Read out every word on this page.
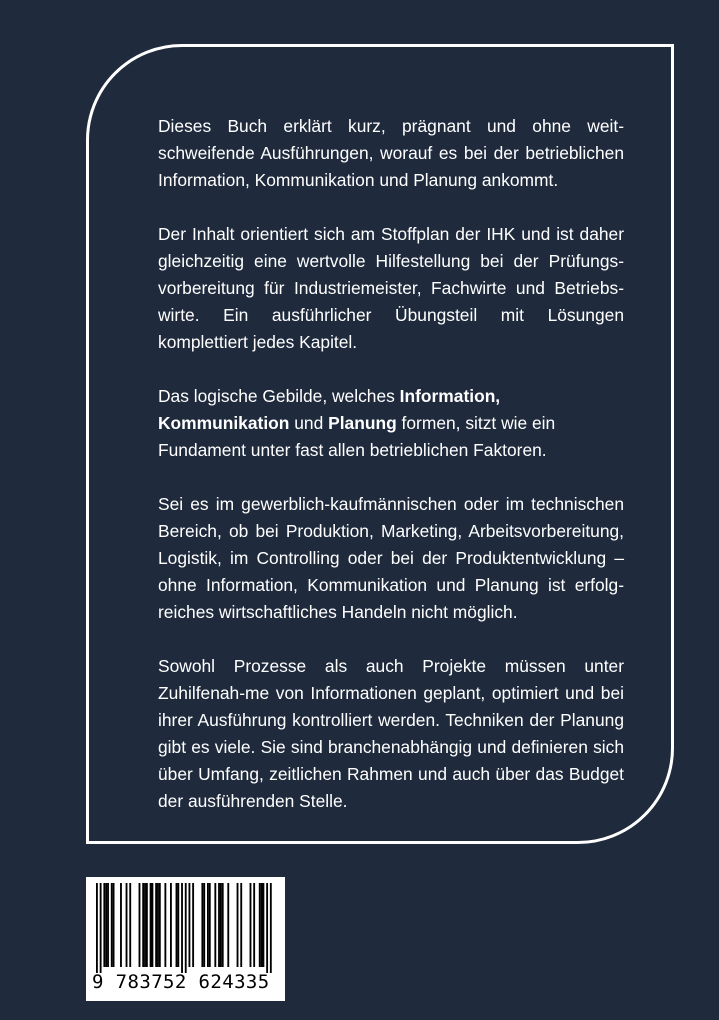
Dieses Buch erklärt kurz, prägnant und ohne weit-schweifende Ausführungen, worauf es bei der betrieblichen Information, Kommunikation und Planung ankommt.

Der Inhalt orientiert sich am Stoffplan der IHK und ist daher gleichzeitig eine wertvolle Hilfestellung bei der Prüfungs-vorbereitung für Industriemeister, Fachwirte und Betriebs-wirte. Ein ausführlicher Übungsteil mit Lösungen komplettiert jedes Kapitel.

Das logische Gebilde, welches Information, Kommunikation und Planung formen, sitzt wie ein Fundament unter fast allen betrieblichen Faktoren.

Sei es im gewerblich-kaufmännischen oder im technischen Bereich, ob bei Produktion, Marketing, Arbeitsvorbereitung, Logistik, im Controlling oder bei der Produktentwicklung – ohne Information, Kommunikation und Planung ist erfolg-reiches wirtschaftliches Handeln nicht möglich.

Sowohl Prozesse als auch Projekte müssen unter Zuhilfenah-me von Informationen geplant, optimiert und bei ihrer Ausführung kontrolliert werden. Techniken der Planung gibt es viele. Sie sind branchenabhängig und definieren sich über Umfang, zeitlichen Rahmen und auch über das Budget der ausführenden Stelle.

9 783752 624335
